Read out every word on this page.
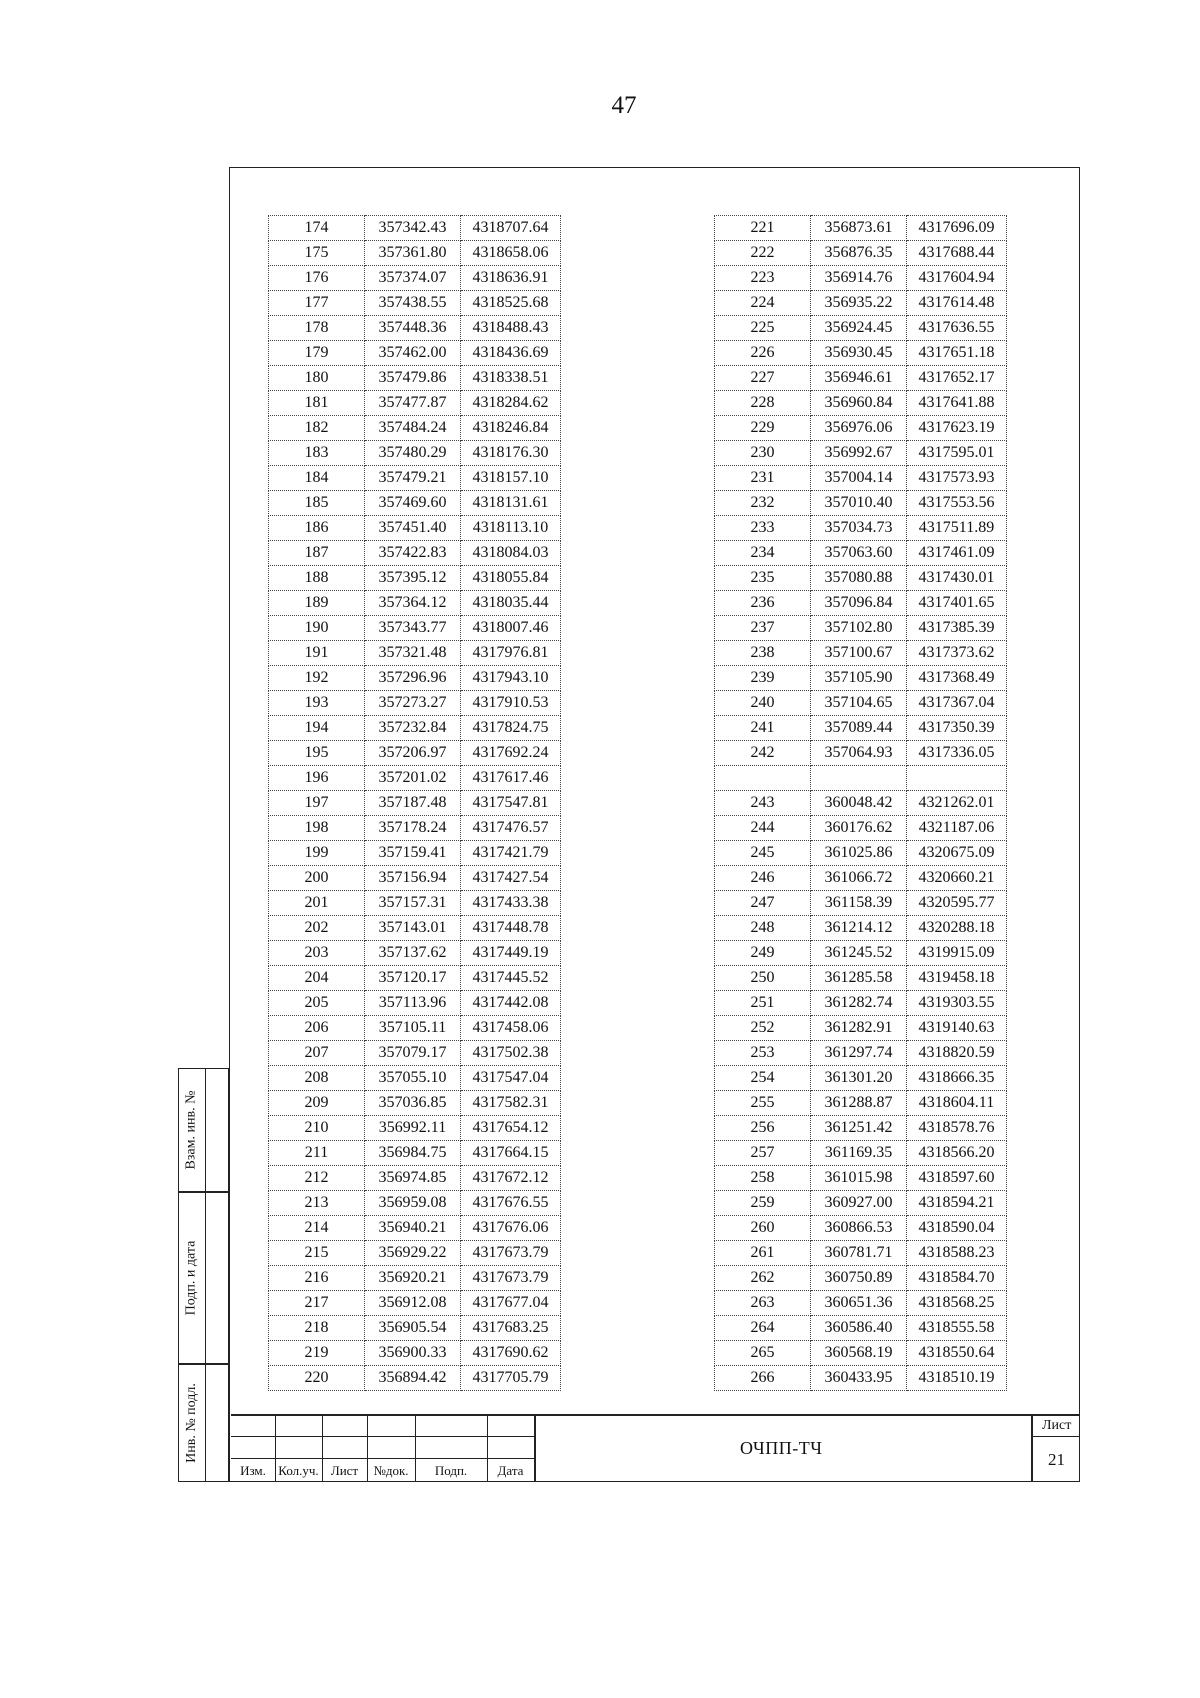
47
174	357342.43	4318707.64
175	357361.80	4318658.06
176	357374.07	4318636.91
177	357438.55	4318525.68
178	357448.36	4318488.43
179	357462.00	4318436.69
180	357479.86	4318338.51
181	357477.87	4318284.62
182	357484.24	4318246.84
183	357480.29	4318176.30
184	357479.21	4318157.10
185	357469.60	4318131.61
186	357451.40	4318113.10
187	357422.83	4318084.03
188	357395.12	4318055.84
189	357364.12	4318035.44
190	357343.77	4318007.46
191	357321.48	4317976.81
192	357296.96	4317943.10
193	357273.27	4317910.53
194	357232.84	4317824.75
195	357206.97	4317692.24
196	357201.02	4317617.46
197	357187.48	4317547.81
198	357178.24	4317476.57
199	357159.41	4317421.79
200	357156.94	4317427.54
201	357157.31	4317433.38
202	357143.01	4317448.78
203	357137.62	4317449.19
204	357120.17	4317445.52
205	357113.96	4317442.08
206	357105.11	4317458.06
207	357079.17	4317502.38
208	357055.10	4317547.04
209	357036.85	4317582.31
210	356992.11	4317654.12
211	356984.75	4317664.15
212	356974.85	4317672.12
213	356959.08	4317676.55
214	356940.21	4317676.06
215	356929.22	4317673.79
216	356920.21	4317673.79
217	356912.08	4317677.04
218	356905.54	4317683.25
219	356900.33	4317690.62
220	356894.42	4317705.79
221	356873.61	4317696.09
222	356876.35	4317688.44
223	356914.76	4317604.94
224	356935.22	4317614.48
225	356924.45	4317636.55
226	356930.45	4317651.18
227	356946.61	4317652.17
228	356960.84	4317641.88
229	356976.06	4317623.19
230	356992.67	4317595.01
231	357004.14	4317573.93
232	357010.40	4317553.56
233	357034.73	4317511.89
234	357063.60	4317461.09
235	357080.88	4317430.01
236	357096.84	4317401.65
237	357102.80	4317385.39
238	357100.67	4317373.62
239	357105.90	4317368.49
240	357104.65	4317367.04
241	357089.44	4317350.39
242	357064.93	4317336.05

243	360048.42	4321262.01
244	360176.62	4321187.06
245	361025.86	4320675.09
246	361066.72	4320660.21
247	361158.39	4320595.77
248	361214.12	4320288.18
249	361245.52	4319915.09
250	361285.58	4319458.18
251	361282.74	4319303.55
252	361282.91	4319140.63
253	361297.74	4318820.59
254	361301.20	4318666.35
255	361288.87	4318604.11
256	361251.42	4318578.76
257	361169.35	4318566.20
258	361015.98	4318597.60
259	360927.00	4318594.21
260	360866.53	4318590.04
261	360781.71	4318588.23
262	360750.89	4318584.70
263	360651.36	4318568.25
264	360586.40	4318555.58
265	360568.19	4318550.64
266	360433.95	4318510.19
Взам. инв. №
Подп. и дата
Инв. № подл.
Изм. Кол.уч. Лист	№док.	Подп.	Дата
ОЧПП-ТЧ
Лист
21
